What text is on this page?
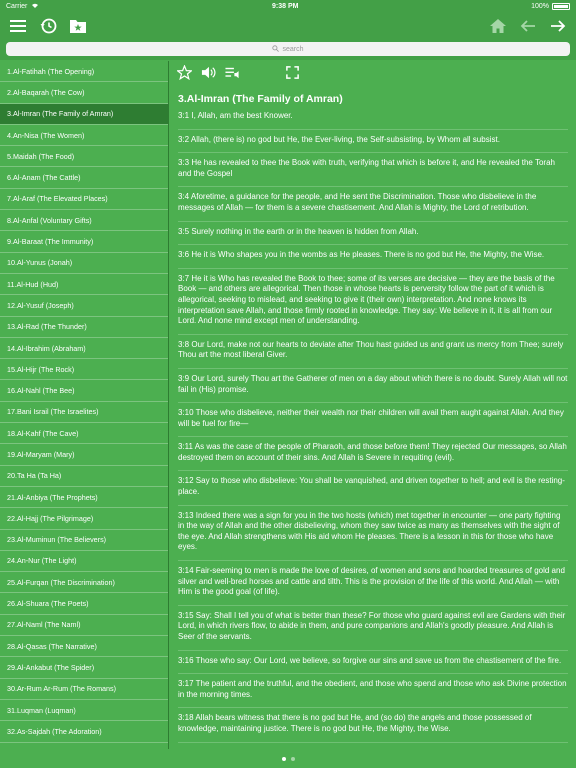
Carrier	9:38 PM	100%
search
1.Al-Fatihah (The Opening)
2.Al-Baqarah (The Cow)
3.Al-Imran (The Family of Amran)
4.An-Nisa (The Women)
5.Maidah (The Food)
6.Al-Anam (The Cattle)
7.Al-Araf (The Elevated Places)
8.Al-Anfal (Voluntary Gifts)
9.Al-Baraat (The Immunity)
10.Al-Yunus (Jonah)
11.Al-Hud (Hud)
12.Al-Yusuf (Joseph)
13.Al-Rad (The Thunder)
14.Al-Ibrahim (Abraham)
15.Al-Hijr (The Rock)
16.Al-Nahl (The Bee)
17.Bani Israil (The Israelites)
18.Al-Kahf (The Cave)
19.Al-Maryam (Mary)
20.Ta Ha (Ta Ha)
21.Al-Anbiya (The Prophets)
22.Al-Hajj (The Pilgrimage)
23.Al-Muminun (The Believers)
24.An-Nur (The Light)
25.Al-Furqan (The Discrimination)
26.Al-Shuara (The Poets)
27.Al-Naml (The Naml)
28.Al-Qasas (The Narrative)
29.Al-Ankabut (The Spider)
30.Ar-Rum Ar-Rum (The Romans)
31.Luqman (Luqman)
32.As-Sajdah (The Adoration)
3.Al-Imran (The Family of Amran)
3:1 I, Allah, am the best Knower.
3:2 Allah, (there is) no god but He, the Ever-living, the Self-subsisting, by Whom all subsist.
3:3 He has revealed to thee the Book with truth, verifying that which is before it, and He revealed the Torah and the Gospel
3:4 Aforetime, a guidance for the people, and He sent the Discrimination. Those who disbelieve in the messages of Allah — for them is a severe chastisement. And Allah is Mighty, the Lord of retribution.
3:5 Surely nothing in the earth or in the heaven is hidden from Allah.
3:6 He it is Who shapes you in the wombs as He pleases. There is no god but He, the Mighty, the Wise.
3:7 He it is Who has revealed the Book to thee; some of its verses are decisive — they are the basis of the Book — and others are allegorical. Then those in whose hearts is perversity follow the part of it which is allegorical, seeking to mislead, and seeking to give it (their own) interpretation. And none knows its interpretation save Allah, and those firmly rooted in knowledge. They say: We believe in it, it is all from our Lord. And none mind except men of understanding.
3:8 Our Lord, make not our hearts to deviate after Thou hast guided us and grant us mercy from Thee; surely Thou art the most liberal Giver.
3:9 Our Lord, surely Thou art the Gatherer of men on a day about which there is no doubt. Surely Allah will not fail in (His) promise.
3:10 Those who disbelieve, neither their wealth nor their children will avail them aught against Allah. And they will be fuel for fire—
3:11 As was the case of the people of Pharaoh, and those before them! They rejected Our messages, so Allah destroyed them on account of their sins. And Allah is Severe in requiting (evil).
3:12 Say to those who disbelieve: You shall be vanquished, and driven together to hell; and evil is the resting-place.
3:13 Indeed there was a sign for you in the two hosts (which) met together in encounter — one party fighting in the way of Allah and the other disbelieving, whom they saw twice as many as themselves with the sight of the eye. And Allah strengthens with His aid whom He pleases. There is a lesson in this for those who have eyes.
3:14 Fair-seeming to men is made the love of desires, of women and sons and hoarded treasures of gold and silver and well-bred horses and cattle and tilth. This is the provision of the life of this world. And Allah — with Him is the good goal (of life).
3:15 Say: Shall I tell you of what is better than these? For those who guard against evil are Gardens with their Lord, in which rivers flow, to abide in them, and pure companions and Allah's goodly pleasure. And Allah is Seer of the servants.
3:16 Those who say: Our Lord, we believe, so forgive our sins and save us from the chastisement of the fire.
3:17 The patient and the truthful, and the obedient, and those who spend and those who ask Divine protection in the morning times.
3:18 Allah bears witness that there is no god but He, and (so do) the angels and those possessed of knowledge, maintaining justice. There is no god but He, the Mighty, the Wise.
